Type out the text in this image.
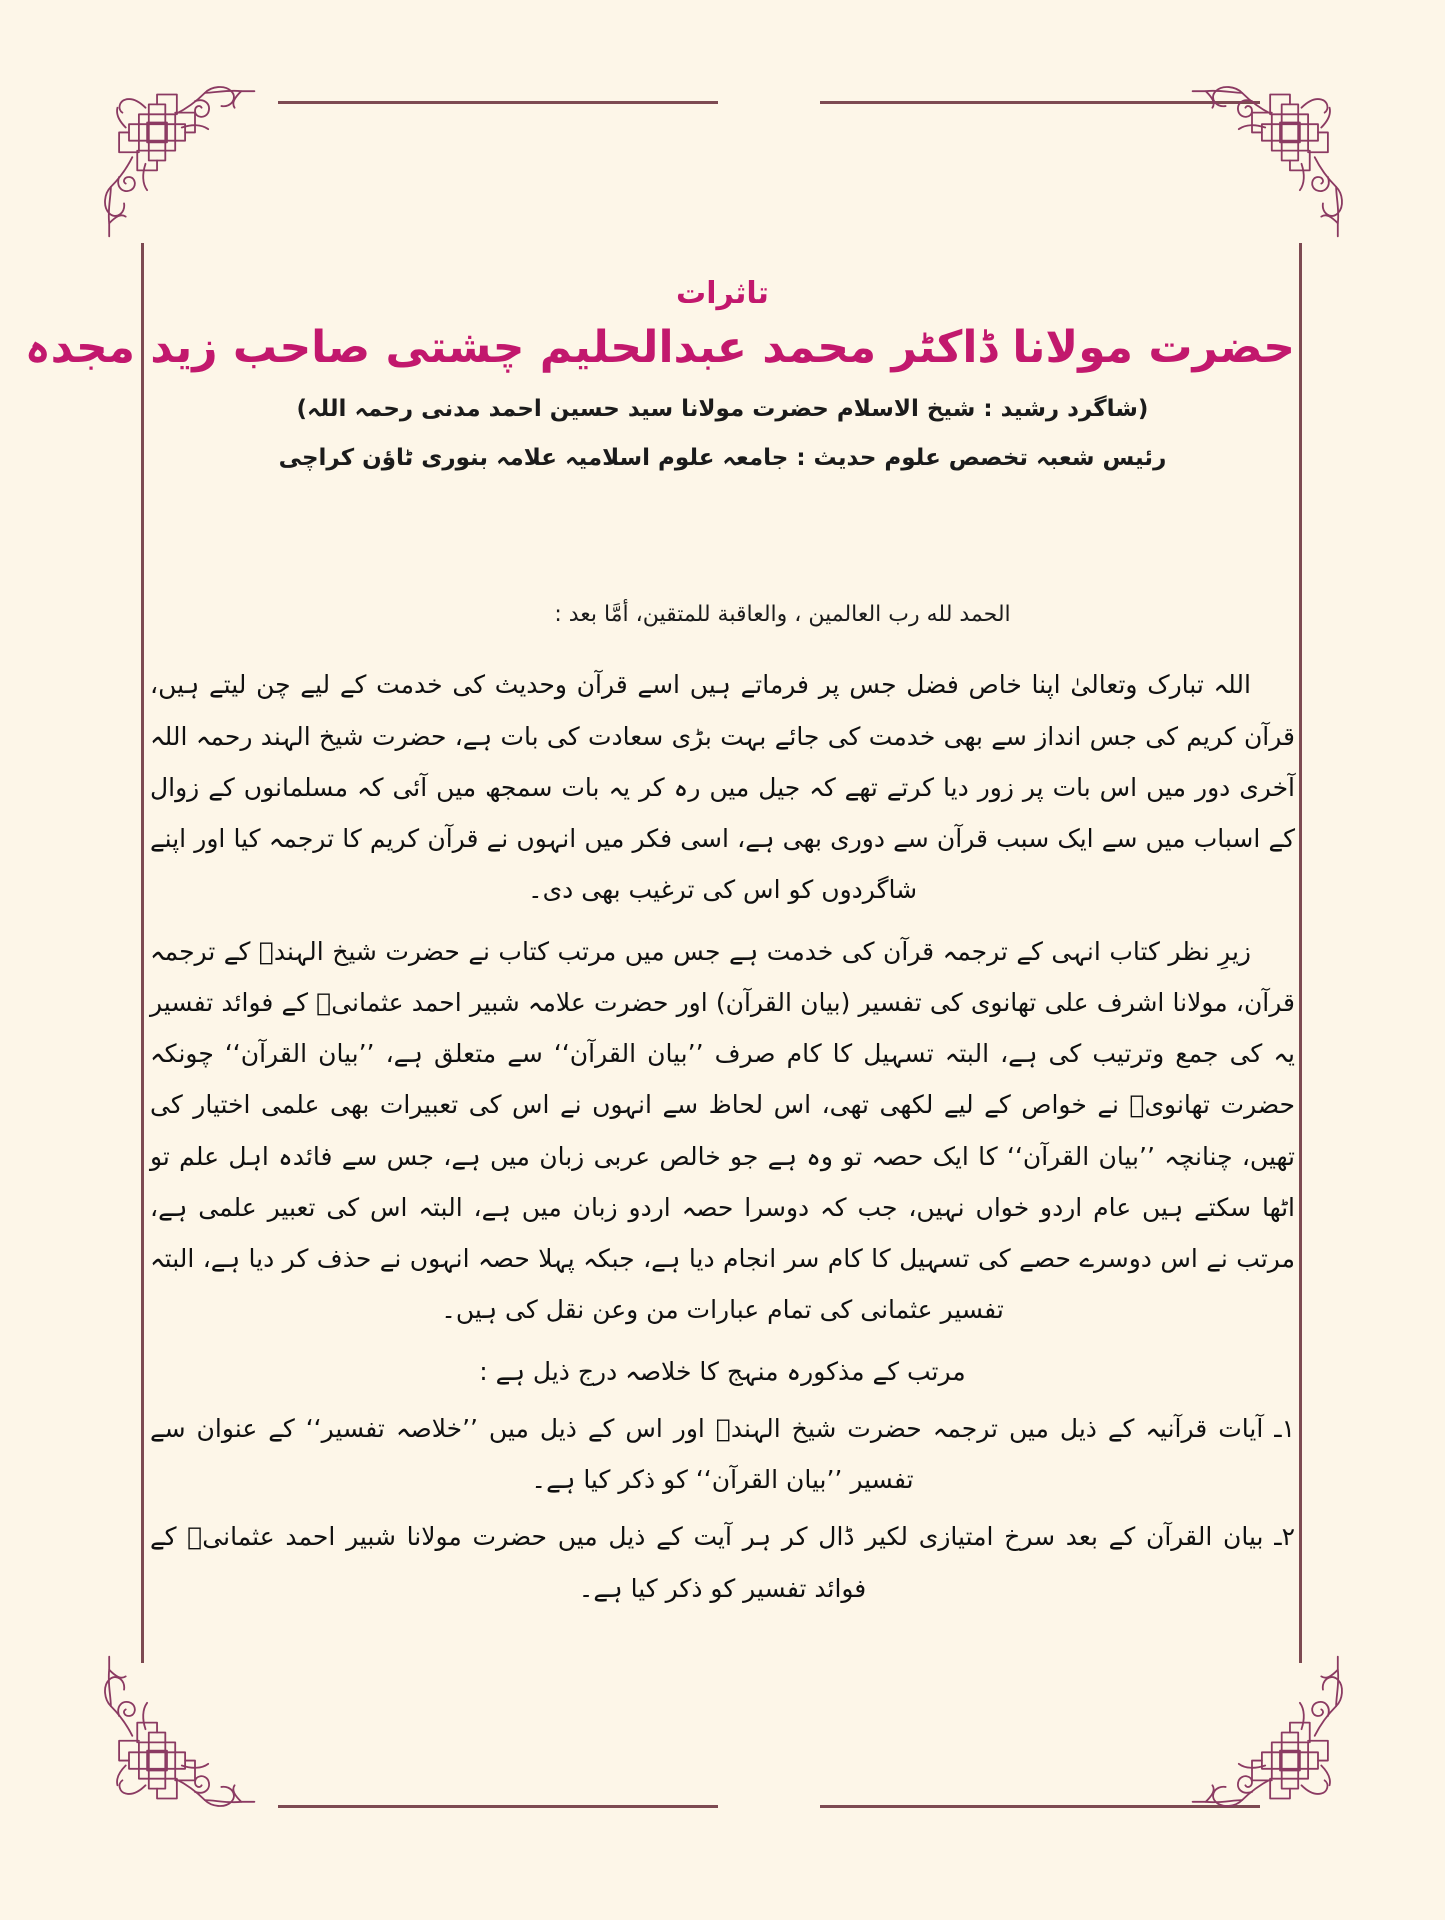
تاثرات
حضرت مولانا ڈاکٹر محمد عبدالحلیم چشتی صاحب زید مجدہ
(شاگرد رشید : شیخ الاسلام حضرت مولانا سید حسین احمد مدنی رحمہ اللہ)
رئیس شعبہ تخصص علوم حدیث : جامعہ علوم اسلامیہ علامہ بنوری ٹاؤن کراچی
الحمد لله رب العالمين ، والعاقبة للمتقين، أمَّا بعد :

اللہ تبارک وتعالیٰ اپنا خاص فضل جس پر فرماتے ہیں اسے قرآن وحدیث کی خدمت کے لیے چن لیتے ہیں، قرآن کریم کی جس انداز سے بھی خدمت کی جائے بہت بڑی سعادت کی بات ہے، حضرت شیخ الہند رحمہ اللہ آخری دور میں اس بات پر زور دیا کرتے تھے کہ جیل میں رہ کر یہ بات سمجھ میں آئی کہ مسلمانوں کے زوال کے اسباب میں سے ایک سبب قرآن سے دوری بھی ہے، اسی فکر میں انہوں نے قرآن کریم کا ترجمہ کیا اور اپنے شاگردوں کو اس کی ترغیب بھی دی۔

زیرِ نظر کتاب انہی کے ترجمہ قرآن کی خدمت ہے جس میں مرتب کتاب نے حضرت شیخ الہندؒ کے ترجمہ قرآن، مولانا اشرف علی تھانوی کی تفسیر (بیان القرآن) اور حضرت علامہ شبیر احمد عثمانیؒ کے فوائد تفسیر یہ کی جمع وترتیب کی ہے، البتہ تسہیل کا کام صرف ’’بیان القرآن‘‘ سے متعلق ہے، ’’بیان القرآن‘‘ چونکہ حضرت تھانویؒ نے خواص کے لیے لکھی تھی، اس لحاظ سے انہوں نے اس کی تعبیرات بھی علمی اختیار کی تھیں، چنانچہ ’’بیان القرآن‘‘ کا ایک حصہ تو وہ ہے جو خالص عربی زبان میں ہے، جس سے فائدہ اہل علم تو اٹھا سکتے ہیں عام اردو خواں نہیں، جب کہ دوسرا حصہ اردو زبان میں ہے، البتہ اس کی تعبیر علمی ہے، مرتب نے اس دوسرے حصے کی تسہیل کا کام سر انجام دیا ہے، جبکہ پہلا حصہ انہوں نے حذف کر دیا ہے، البتہ تفسیر عثمانی کی تمام عبارات من وعن نقل کی ہیں۔

مرتب کے مذکورہ منہج کا خلاصہ درج ذیل ہے :

۱ـ آیات قرآنیہ کے ذیل میں ترجمہ حضرت شیخ الہندؒ اور اس کے ذیل میں ’’خلاصہ تفسیر‘‘ کے عنوان سے تفسیر ’’بیان القرآن‘‘ کو ذکر کیا ہے۔

۲ـ بیان القرآن کے بعد سرخ امتیازی لکیر ڈال کر ہر آیت کے ذیل میں حضرت مولانا شبیر احمد عثمانیؒ کے فوائد تفسیر کو ذکر کیا ہے۔
